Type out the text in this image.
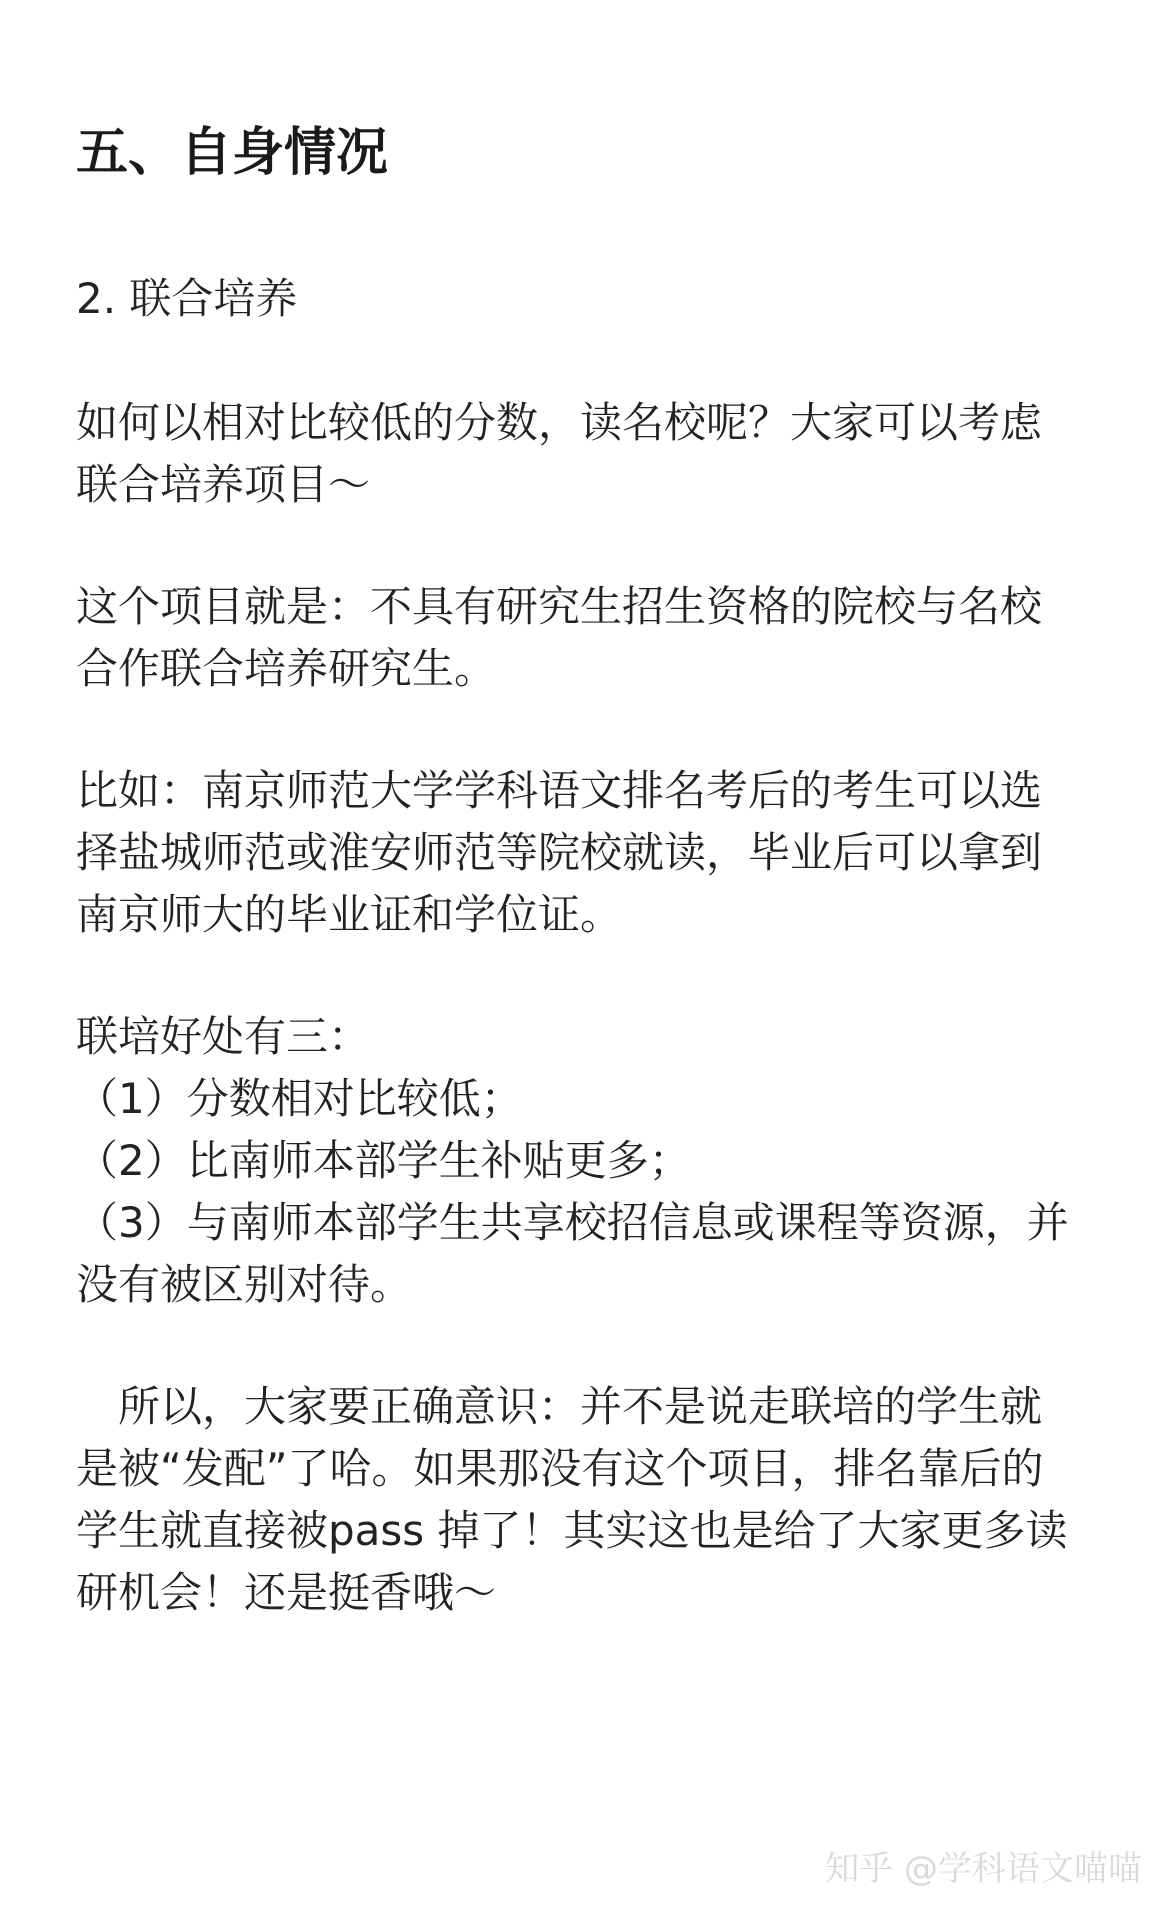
五、自身情况
2. 联合培养
如何以相对比较低的分数，读名校呢？大家可以考虑
联合培养项目～
这个项目就是：不具有研究生招生资格的院校与名校
合作联合培养研究生。
比如：南京师范大学学科语文排名考后的考生可以选
择盐城师范或淮安师范等院校就读，毕业后可以拿到
南京师大的毕业证和学位证。
联培好处有三：
（1）分数相对比较低；
（2）比南师本部学生补贴更多；
（3）与南师本部学生共享校招信息或课程等资源，并
没有被区别对待。
　所以，大家要正确意识：并不是说走联培的学生就
是被“发配”了哈。如果那没有这个项目，排名靠后的
学生就直接被pass 掉了！其实这也是给了大家更多读
研机会！还是挺香哦～
知乎 @学科语文喵喵
